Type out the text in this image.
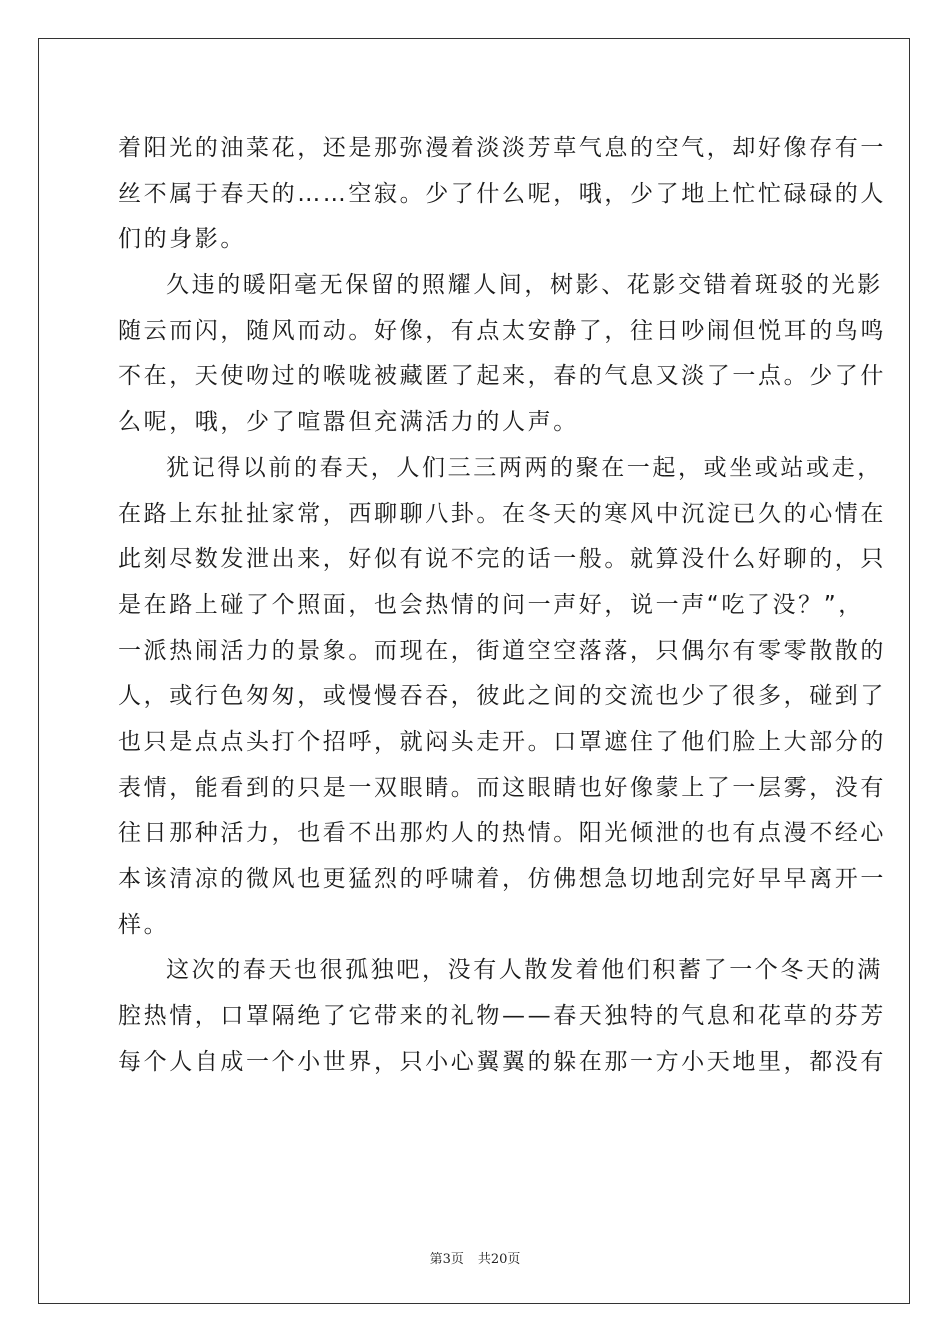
着阳光的油菜花，还是那弥漫着淡淡芳草气息的空气，却好像存有一
丝不属于春天的……空寂。少了什么呢，哦，少了地上忙忙碌碌的人
们的身影。
久违的暖阳毫无保留的照耀人间，树影、花影交错着斑驳的光影
随云而闪，随风而动。好像，有点太安静了，往日吵闹但悦耳的鸟鸣
不在，天使吻过的喉咙被藏匿了起来，春的气息又淡了一点。少了什
么呢，哦，少了喧嚣但充满活力的人声。
犹记得以前的春天，人们三三两两的聚在一起，或坐或站或走，
在路上东扯扯家常，西聊聊八卦。在冬天的寒风中沉淀已久的心情在
此刻尽数发泄出来，好似有说不完的话一般。就算没什么好聊的，只
是在路上碰了个照面，也会热情的问一声好，说一声“吃了没？”，
一派热闹活力的景象。而现在，街道空空落落，只偶尔有零零散散的
人，或行色匆匆，或慢慢吞吞，彼此之间的交流也少了很多，碰到了
也只是点点头打个招呼，就闷头走开。口罩遮住了他们脸上大部分的
表情，能看到的只是一双眼睛。而这眼睛也好像蒙上了一层雾，没有
往日那种活力，也看不出那灼人的热情。阳光倾泄的也有点漫不经心
本该清凉的微风也更猛烈的呼啸着，仿佛想急切地刮完好早早离开一
样。
这次的春天也很孤独吧，没有人散发着他们积蓄了一个冬天的满
腔热情，口罩隔绝了它带来的礼物——春天独特的气息和花草的芬芳
每个人自成一个小世界，只小心翼翼的躲在那一方小天地里，都没有
第3页 共20页
